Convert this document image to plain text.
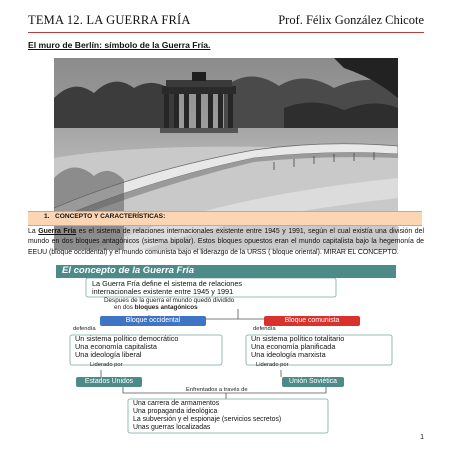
TEMA 12. LA GUERRA FRÍA	Prof. Félix González Chicote
El muro de Berlín: símbolo de la Guerra Fría.
1. CONCEPTO Y CARACTERÍSTICAS:
La Guerra Fría es el sistema de relaciones internacionales existente entre 1945 y 1991, según el cual existía una división del mundo en dos bloques antagónicos (sistema bipolar). Estos bloques opuestos eran el mundo capitalista bajo la hegemonía de EEUU (bloque occidental) y el mundo comunista bajo el liderazgo de la URSS ( bloque oriental). MIRAR EL CONCEPTO.
El concepto de la Guerra Fría
La Guerra Fría define el sistema de relaciones
internacionales existente entre 1945 y 1991
Despues de la guerra el mundo quedó dividido
en dos bloques antagónicos
Bloque occidental	Bloque comunista
defendía	defendía
Un sistema político democrático
Una economía capitalista
Una ideología liberal
Un sistema político totalitario
Una economía planificada
Una ideología marxista
Liderado por	Liderado por
Estados Unidos	Unión Soviética
Enfrentados a través de
Una carrera de armamentos
Una propaganda ideológica
La subversión y el espionaje (servicios secretos)
Unas guerras localizadas
1
